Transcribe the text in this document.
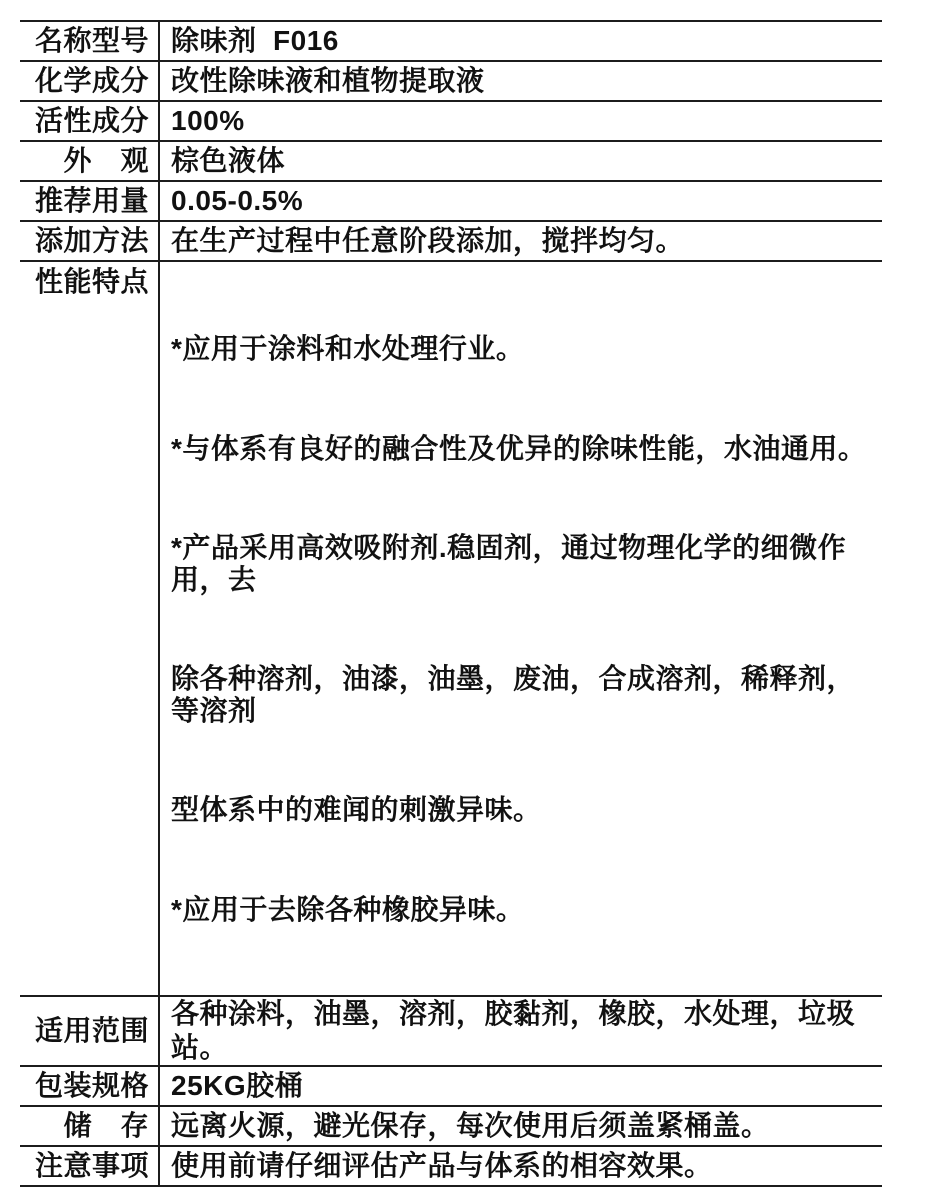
名称型号 除味剂  F016
化学成分 改性除味液和植物提取液
活性成分 100%
外　观 棕色液体
推荐用量 0.05-0.5%
添加方法 在生产过程中任意阶段添加，搅拌均匀。
性能特点

*应用于涂料和水处理行业。

*与体系有良好的融合性及优异的除味性能，水油通用。

*产品采用高效吸附剂.稳固剂，通过物理化学的细微作用，去

除各种溶剂，油漆，油墨，废油，合成溶剂，稀释剂，等溶剂

型体系中的难闻的刺激异味。

*应用于去除各种橡胶异味。

适用范围
各种涂料，油墨，溶剂，胶黏剂，橡胶，水处理，垃圾站。
包装规格 25KG胶桶
储　存 远离火源，避光保存，每次使用后须盖紧桶盖。
注意事项 使用前请仔细评估产品与体系的相容效果。
